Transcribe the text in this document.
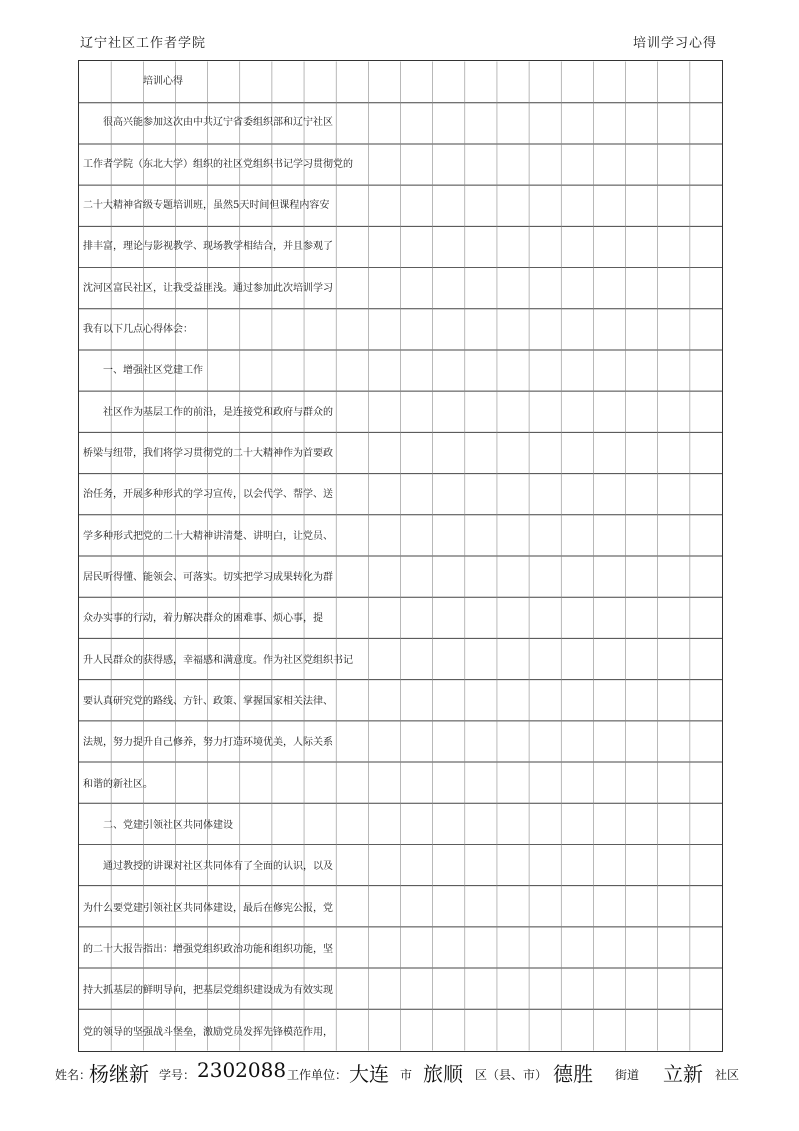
辽宁社区工作者学院	培训学习心得
　　　　　　培训心得
　　很高兴能参加这次由中共辽宁省委组织部和辽宁社区
工作者学院（东北大学）组织的社区党组织书记学习贯彻党的
二十大精神省级专题培训班，虽然5天时间但课程内容安
排丰富，理论与影视教学、现场教学相结合，并且参观了
沈河区富民社区，让我受益匪浅。通过参加此次培训学习
我有以下几点心得体会：
　　一、增强社区党建工作
　　社区作为基层工作的前沿，是连接党和政府与群众的
桥梁与纽带，我们将学习贯彻党的二十大精神作为首要政
治任务，开展多种形式的学习宣传，以会代学、帮学、送
学多种形式把党的二十大精神讲清楚、讲明白，让党员、
居民听得懂、能领会、可落实。切实把学习成果转化为群
众办实事的行动，着力解决群众的困难事、烦心事，提
升人民群众的获得感，幸福感和满意度。作为社区党组织书记
要认真研究党的路线、方针、政策、掌握国家相关法律、
法规，努力提升自己修养，努力打造环境优美，人际关系
和谐的新社区。
　　二、党建引领社区共同体建设
　　通过教授的讲课对社区共同体有了全面的认识，以及
为什么要党建引领社区共同体建设，最后在修宪公报，党
的二十大报告指出：增强党组织政治功能和组织功能，坚
持大抓基层的鲜明导向，把基层党组织建设成为有效实现
党的领导的坚强战斗堡垒，激励党员发挥先锋模范作用，
姓名：
杨继新 学号： 2302088 工作单位： 大连 市 旅顺 区（县、市） 德胜 街道 立新 社区
